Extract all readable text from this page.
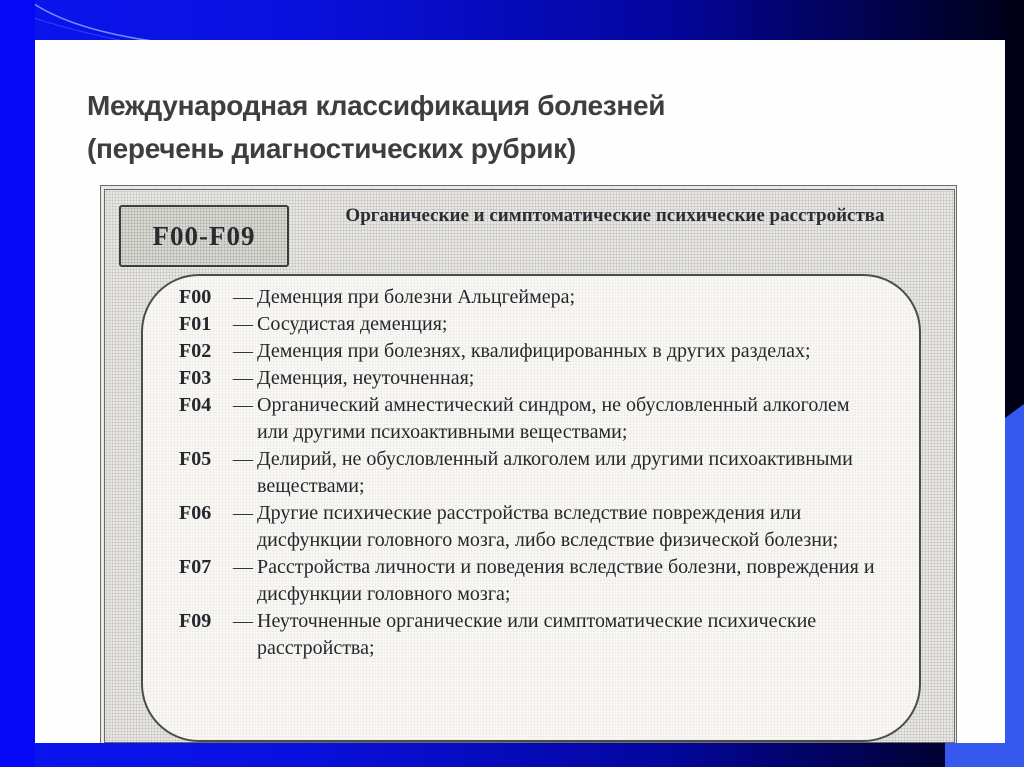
Международная классификация болезней
(перечень диагностических рубрик)
F00-F09
Органические и симптоматические психические расстройства
F00	— Деменция при болезни Альцгеймера;
F01	— Сосудистая деменция;
F02	— Деменция при болезнях, квалифицированных в других разделах;
F03	— Деменция, неуточненная;
F04	— Органический амнестический синдром, не обусловленный алкоголем или другими психоактивными веществами;
F05	— Делирий, не обусловленный алкоголем или другими психоактивными веществами;
F06	— Другие психические расстройства вследствие повреждения или дисфункции головного мозга, либо вследствие физической болезни;
F07	— Расстройства личности и поведения вследствие болезни, повреждения и дисфункции головного мозга;
F09	— Неуточненные органические или симптоматические психические расстройства;
